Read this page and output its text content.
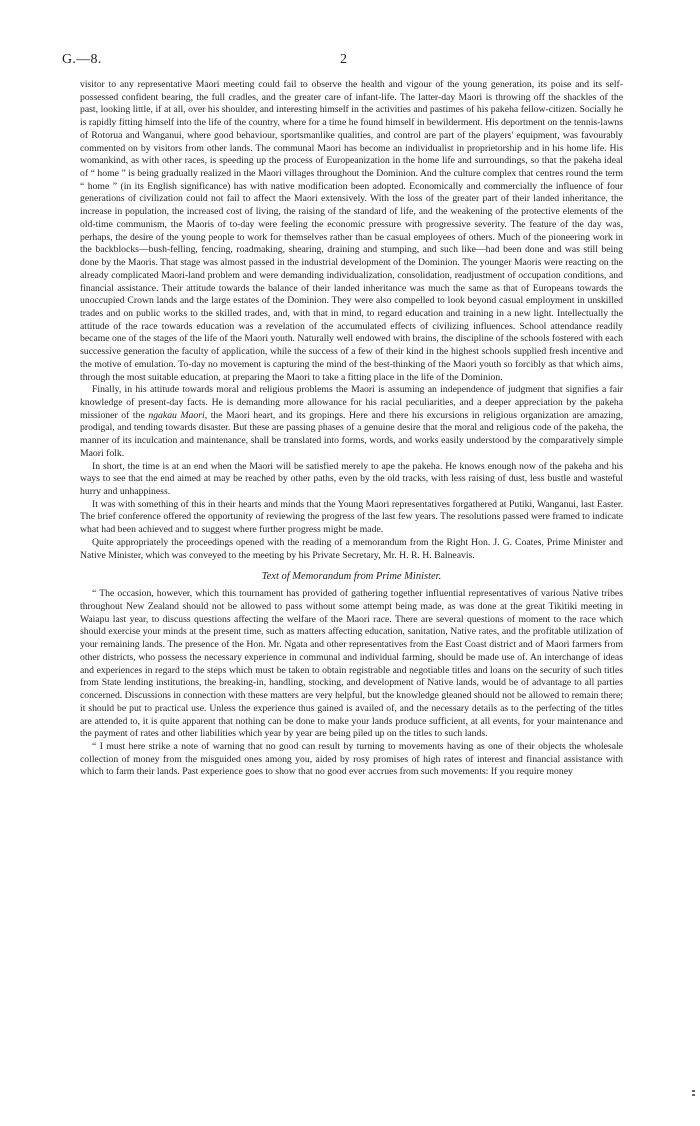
G.—8.	2

visitor to any representative Maori meeting could fail to observe the health and vigour of the young generation, its poise and its self-possessed confident bearing, the full cradles, and the greater care of infant-life. The latter-day Maori is throwing off the shackles of the past, looking little, if at all, over his shoulder, and interesting himself in the activities and pastimes of his pakeha fellow-citizen. Socially he is rapidly fitting himself into the life of the country, where for a time he found himself in bewilderment. His deportment on the tennis-lawns of Rotorua and Wanganui, where good behaviour, sportsmanlike qualities, and control are part of the players' equipment, was favourably commented on by visitors from other lands. The communal Maori has become an individualist in proprietorship and in his home life. His womankind, as with other races, is speeding up the process of Europeanization in the home life and surroundings, so that the pakeha ideal of “ home ” is being gradually realized in the Maori villages throughout the Dominion. And the culture complex that centres round the term “ home ” (in its English significance) has with native modification been adopted. Economically and commercially the influence of four generations of civilization could not fail to affect the Maori extensively. With the loss of the greater part of their landed inheritance, the increase in population, the increased cost of living, the raising of the standard of life, and the weakening of the protective elements of the old-time communism, the Maoris of to-day were feeling the economic pressure with progressive severity. The feature of the day was, perhaps, the desire of the young people to work for themselves rather than be casual employees of others. Much of the pioneering work in the backblocks—bush-felling, fencing, roadmaking, shearing, draining and stumping, and such like—had been done and was still being done by the Maoris. That stage was almost passed in the industrial development of the Dominion. The younger Maoris were reacting on the already complicated Maori-land problem and were demanding individualization, consolidation, readjustment of occupation conditions, and financial assistance. Their attitude towards the balance of their landed inheritance was much the same as that of Europeans towards the unoccupied Crown lands and the large estates of the Dominion. They were also compelled to look beyond casual employment in unskilled trades and on public works to the skilled trades, and, with that in mind, to regard education and training in a new light. Intellectually the attitude of the race towards education was a revelation of the accumulated effects of civilizing influences. School attendance readily became one of the stages of the life of the Maori youth. Naturally well endowed with brains, the discipline of the schools fostered with each successive generation the faculty of application, while the success of a few of their kind in the highest schools supplied fresh incentive and the motive of emulation. To-day no movement is capturing the mind of the best-thinking of the Maori youth so forcibly as that which aims, through the most suitable education, at preparing the Maori to take a fitting place in the life of the Dominion.

Finally, in his attitude towards moral and religious problems the Maori is assuming an independence of judgment that signifies a fair knowledge of present-day facts. He is demanding more allowance for his racial peculiarities, and a deeper appreciation by the pakeha missioner of the ngakau Maori, the Maori heart, and its gropings. Here and there his excursions in religious organization are amazing, prodigal, and tending towards disaster. But these are passing phases of a genuine desire that the moral and religious code of the pakeha, the manner of its inculcation and maintenance, shall be translated into forms, words, and works easily understood by the comparatively simple Maori folk.

In short, the time is at an end when the Maori will be satisfied merely to ape the pakeha. He knows enough now of the pakeha and his ways to see that the end aimed at may be reached by other paths, even by the old tracks, with less raising of dust, less bustle and wasteful hurry and unhappiness.

It was with something of this in their hearts and minds that the Young Maori representatives forgathered at Putiki, Wanganui, last Easter. The brief conference offered the opportunity of reviewing the progress of the last few years. The resolutions passed were framed to indicate what had been achieved and to suggest where further progress might be made.

Quite appropriately the proceedings opened with the reading of a memorandum from the Right Hon. J. G. Coates, Prime Minister and Native Minister, which was conveyed to the meeting by his Private Secretary, Mr. H. R. H. Balneavis.

Text of Memorandum from Prime Minister.

“ The occasion, however, which this tournament has provided of gathering together influential representatives of various Native tribes throughout New Zealand should not be allowed to pass without some attempt being made, as was done at the great Tikitiki meeting in Waiapu last year, to discuss questions affecting the welfare of the Maori race. There are several questions of moment to the race which should exercise your minds at the present time, such as matters affecting education, sanitation, Native rates, and the profitable utilization of your remaining lands. The presence of the Hon. Mr. Ngata and other representatives from the East Coast district and of Maori farmers from other districts, who possess the necessary experience in communal and individual farming, should be made use of. An interchange of ideas and experiences in regard to the steps which must be taken to obtain registrable and negotiable titles and loans on the security of such titles from State lending institutions, the breaking-in, handling, stocking, and development of Native lands, would be of advantage to all parties concerned. Discussions in connection with these matters are very helpful, but the knowledge gleaned should not be allowed to remain there; it should be put to practical use. Unless the experience thus gained is availed of, and the necessary details as to the perfecting of the titles are attended to, it is quite apparent that nothing can be done to make your lands produce sufficient, at all events, for your maintenance and the payment of rates and other liabilities which year by year are being piled up on the titles to such lands.

“ I must here strike a note of warning that no good can result by turning to movements having as one of their objects the wholesale collection of money from the misguided ones among you, aided by rosy promises of high rates of interest and financial assistance with which to farm their lands. Past experience goes to show that no good ever accrues from such movements: If you require money
